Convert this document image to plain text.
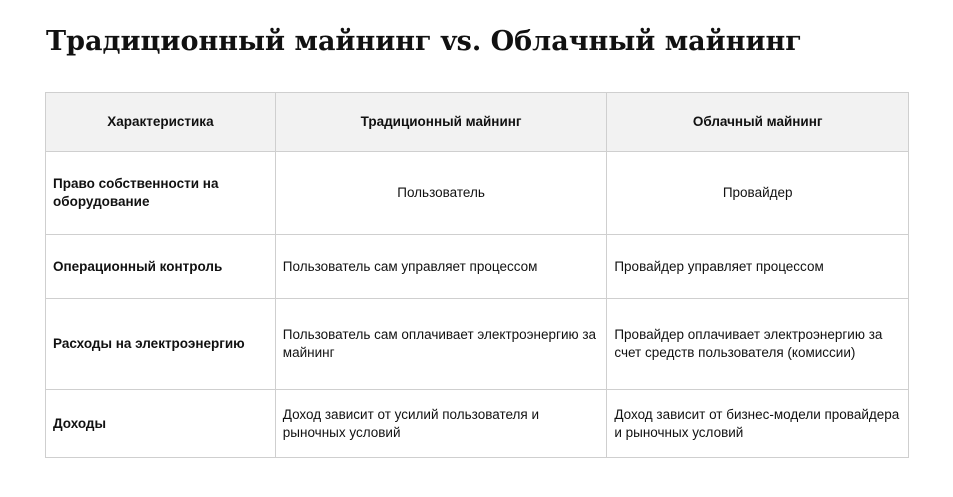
Традиционный майнинг vs. Облачный майнинг
Характеристика	Традиционный майнинг	Облачный майнинг
Право собственности на оборудование	Пользователь	Провайдер
Операционный контроль	Пользователь сам управляет процессом	Провайдер управляет процессом
Расходы на электроэнергию	Пользователь сам оплачивает электроэнергию за майнинг	Провайдер оплачивает электроэнергию за счет средств пользователя (комиссии)
Доходы	Доход зависит от усилий пользователя и рыночных условий	Доход зависит от бизнес-модели провайдера и рыночных условий
